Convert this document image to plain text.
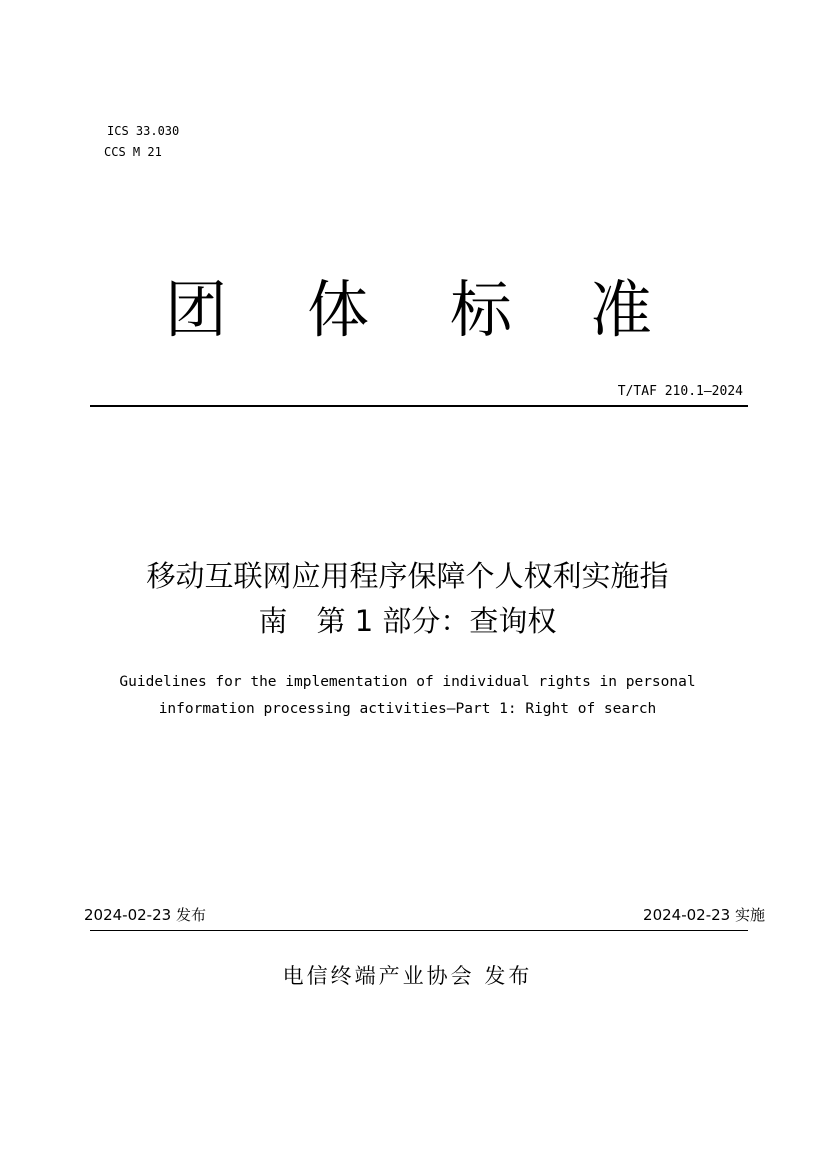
ICS 33.030
CCS M 21
团 体 标 准
T/TAF 210.1—2024
移动互联网应用程序保障个人权利实施指
南　第 1 部分：查询权
Guidelines for the implementation of individual rights in personal
information processing activities—Part 1: Right of search
2024-02-23 发布	2024-02-23 实施
电信终端产业协会 发布
